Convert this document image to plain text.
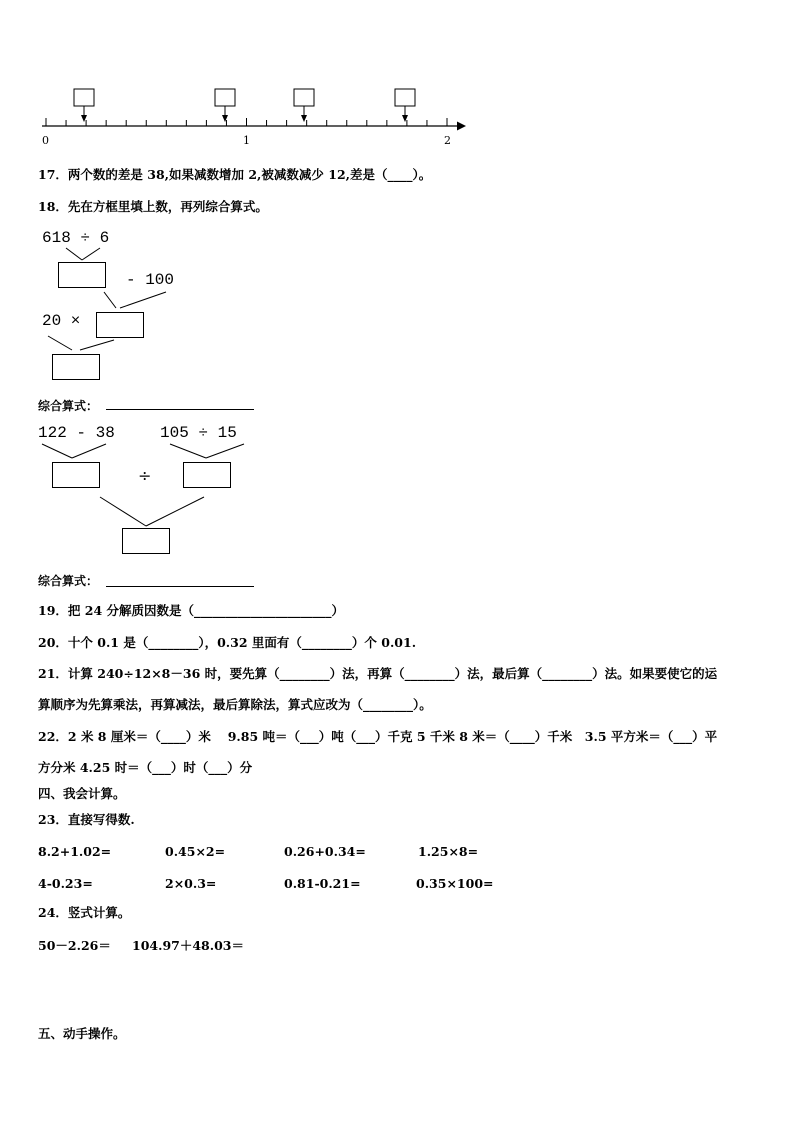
0	1	2
17．两个数的差是 38,如果减数增加 2,被减数减少 12,差是（____）。
18．先在方框里填上数，再列综合算式。
618 ÷ 6
- 100
20 ×
综合算式：
122 - 38	105 ÷ 15
÷
综合算式：
19．把 24 分解质因数是（______________________）
20．十个 0.1 是（________），0.32 里面有（________）个 0.01.
21．计算 240÷12×8－36 时，要先算（________）法，再算（________）法，最后算（________）法。如果要使它的运
算顺序为先算乘法，再算减法，最后算除法，算式应改为（________）。
22．2 米 8 厘米＝（____）米　 9.85 吨＝（___）吨（___）千克 5 千米 8 米＝（____）千米　3.5 平方米＝（___）平
方分米 4.25 时＝（___）时（___）分
四、我会计算。
23．直接写得数.
8.2+1.02=	0.45×2=	0.26+0.34=	1.25×8=
4-0.23=	2×0.3=	0.81-0.21=	0.35×100=
24．竖式计算。
50－2.26＝ 104.97＋48.03＝
五、动手操作。
